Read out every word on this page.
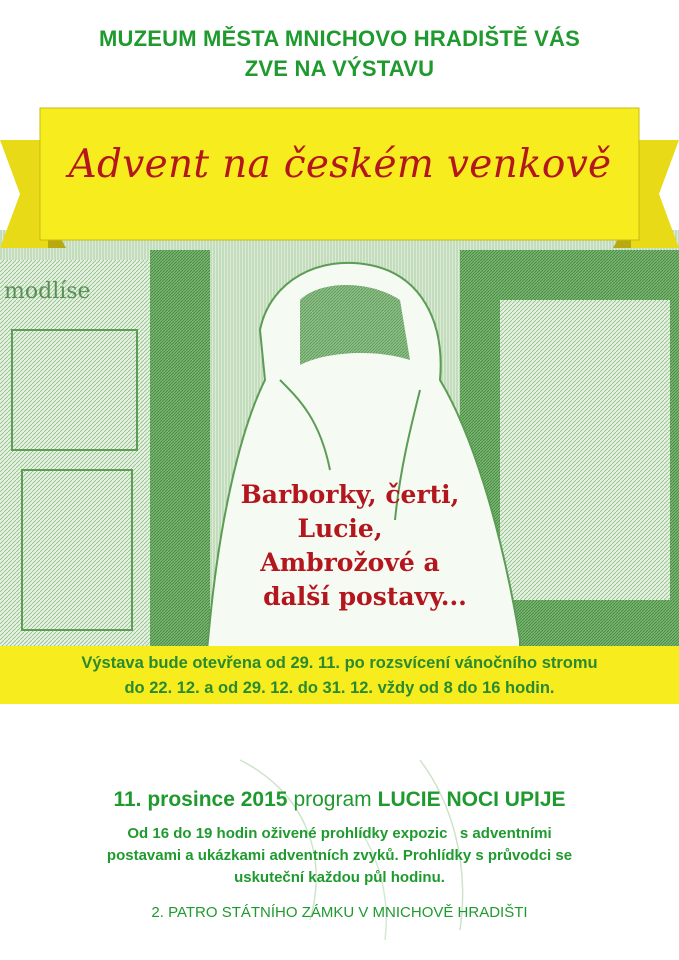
modlíse
MUZEUM MĚSTA MNICHOVO HRADIŠTĚ VÁS
ZVE NA VÝSTAVU
Advent na českém venkově
Barborky, čerti,
Lucie,
Ambrožové a
další postavy...
Výstava bude otevřena od 29. 11. po rozsvícení vánočního stromu
do 22. 12. a od 29. 12. do 31. 12. vždy od 8 do 16 hodin.
11. prosince 2015 program LUCIE NOCI UPIJE
Od 16 do 19 hodin oživené prohlídky expozic   s adventními
postavami a ukázkami adventních zvyků. Prohlídky s průvodci se
uskuteční každou půl hodinu.
2. PATRO STÁTNÍHO ZÁMKU V MNICHOVĚ HRADIŠTI
